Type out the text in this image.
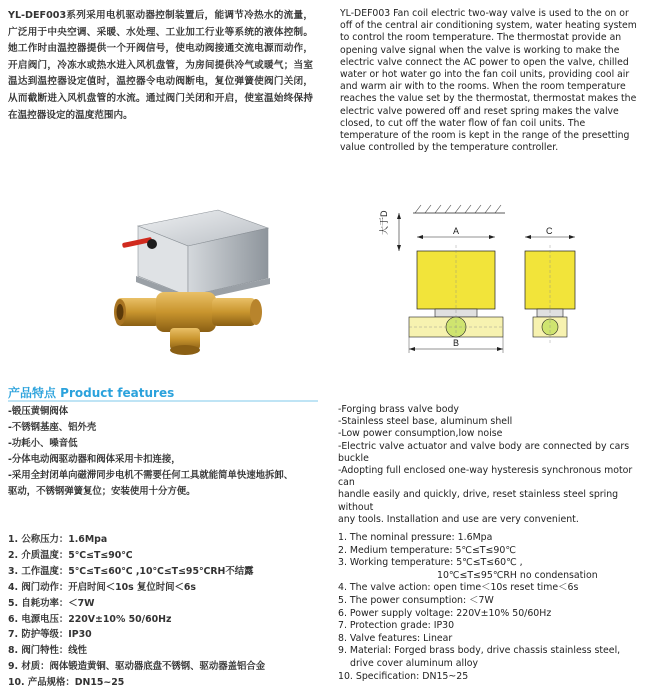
YL-DEF003系列采用电机驱动器控制装置后，能调节冷热水的流量，广泛用于中央空调、采暖、水处理、工业加工行业等系统的液体控制。她工作时由温控器提供一个开阀信号，使电动阀接通交流电源而动作，开启阀门，冷冻水或热水进入风机盘管，为房间提供冷气或暖气；当室温达到温控器设定值时，温控器令电动阀断电，复位弹簧使阀门关闭，从而截断进入风机盘管的水流。通过阀门关闭和开启，使室温始终保持在温控器设定的温度范围内。
YL-DEF003 Fan coil electric two-way valve is used to the on or off of the central air conditioning system, water heating system to control the room temperature. The thermostat provide an opening valve signal when the valve is working to make the electric valve connect the AC power to open the valve, chilled water or hot water go into the fan coil units, providing cool air and warm air with to the rooms. When the room temperature reaches the value set by the thermostat, thermostat makes the electric valve powered off and reset spring makes the valve closed, to cut off the water flow of fan coil units. The temperature of the room is kept in the range of the presetting value controlled by the temperature controller.
大于D	A
B
C
产品特点 Product features
-锻压黄铜阀体
-不锈钢基座、铝外壳
-功耗小、噪音低
-分体电动阀驱动器和阀体采用卡扣连接，
-采用全封闭单向磁滞同步电机不需要任何工具就能简单快速地拆卸、
驱动，不锈钢弹簧复位；安装使用十分方便。
-Forging brass valve body
-Stainless steel base, aluminum shell
-Low power consumption,low noise
-Electric valve actuator and valve body are connected by cars buckle
-Adopting full enclosed one-way hysteresis synchronous motor can
handle easily and quickly, drive, reset stainless steel spring without
any tools. Installation and use are very convenient.
1. 公称压力：1.6Mpa
2. 介质温度：5℃≤T≤90℃
3. 工作温度：5℃≤T≤60℃ ,10℃≤T≤95℃RH不结露
4. 阀门动作：开启时间＜10s 复位时间＜6s
5. 自耗功率：＜7W
6. 电源电压：220V±10% 50/60Hz
7. 防护等级：IP30
8. 阀门特性：线性
9. 材质：阀体锻造黄铜、驱动器底盘不锈钢、驱动器盖铝合金
10. 产品规格：DN15~25
1. The nominal pressure: 1.6Mpa
2. Medium temperature: 5℃≤T≤90℃
3. Working temperature: 5℃≤T≤60℃ ,
10℃≤T≤95℃RH no condensation
4. The valve action: open time＜10s reset time＜6s
5. The power consumption: ＜7W
6. Power supply voltage: 220V±10% 50/60Hz
7. Protection grade: IP30
8. Valve features: Linear
9. Material: Forged brass body, drive chassis stainless steel,
drive cover aluminum alloy
10. Specification: DN15~25
